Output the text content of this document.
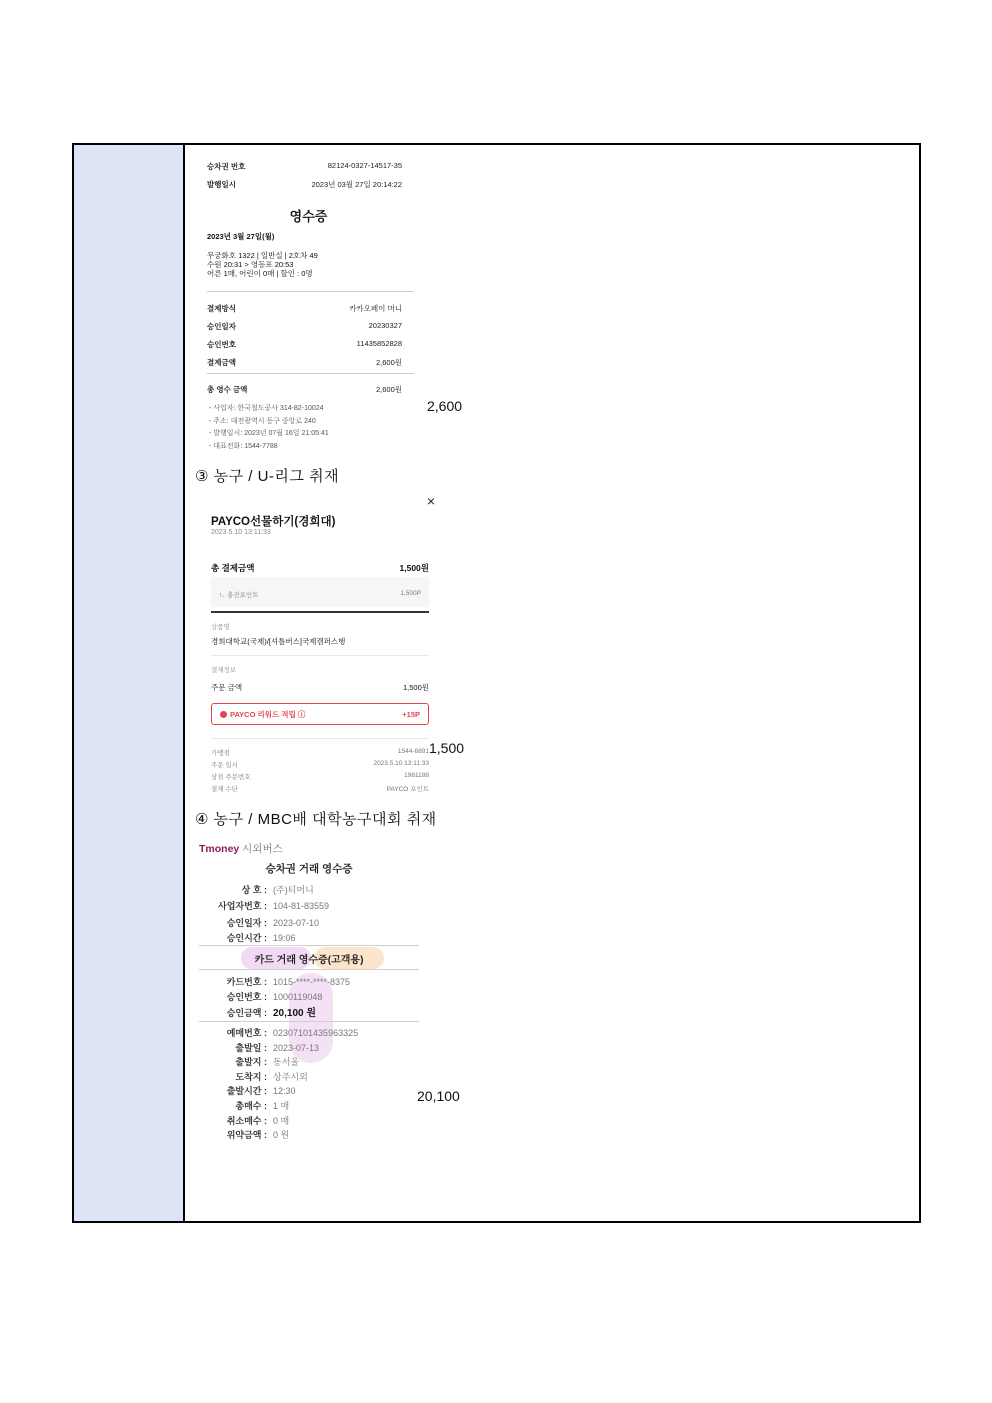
승차권 번호	82124-0327-14517-35
발행일시	2023년 03월 27일 20:14:22
영수증
2023년 3월 27일(월)
무궁화호 1322 | 일반실 | 2호차 49
수원 20:31 > 영등포 20:53
어른 1매, 어린이 0매 | 할인 : 0명
결제방식	카카오페이 머니
승인일자	20230327
승인번호	11435852828
결제금액	2,600원
총 영수 금액	2,600원
- 사업자: 한국철도공사 314-82-10024
- 주소: 대전광역시 동구 중앙로 240
- 발행일시: 2023년 07월 16일 21:05:41
- 대표전화: 1544-7788
2,600
③ 농구 / U-리그 취재
×
PAYCO선물하기(경희대)
2023.5.10 13:11:33
총 결제금액	1,500원
ㄴ 충전포인트	1,500P
상품명
경희대학교(국제)/[셔틀버스]국제캠퍼스행
결제정보
주문 금액	1,500원
PAYCO 리워드 적립 ⓘ	+15P
가맹점	1544-6891
주문 일시	2023.5.10 13:11:33
상점 주문번호	1981188
결제 수단	PAYCO 포인트
1,500
④ 농구 / MBC배 대학농구대회 취재
Tmoney 시외버스
승차권 거래 영수증
상 호 : (주)티머니
사업자번호 : 104-81-83559
승인일자 : 2023-07-10
승인시간 : 19:06
카드번호 : 1015-****-****-8375
승인번호 : 1000119048
승인금액 : 20,100 원
예매번호 : 02307101435963325
출발일 : 2023-07-13
출발지 : 동서울
도착지 : 상주시외
출발시간 : 12:30
총매수 : 1 매
취소매수 : 0 매
위약금액 : 0 원
카드 거래 영수증(고객용)
20,100
